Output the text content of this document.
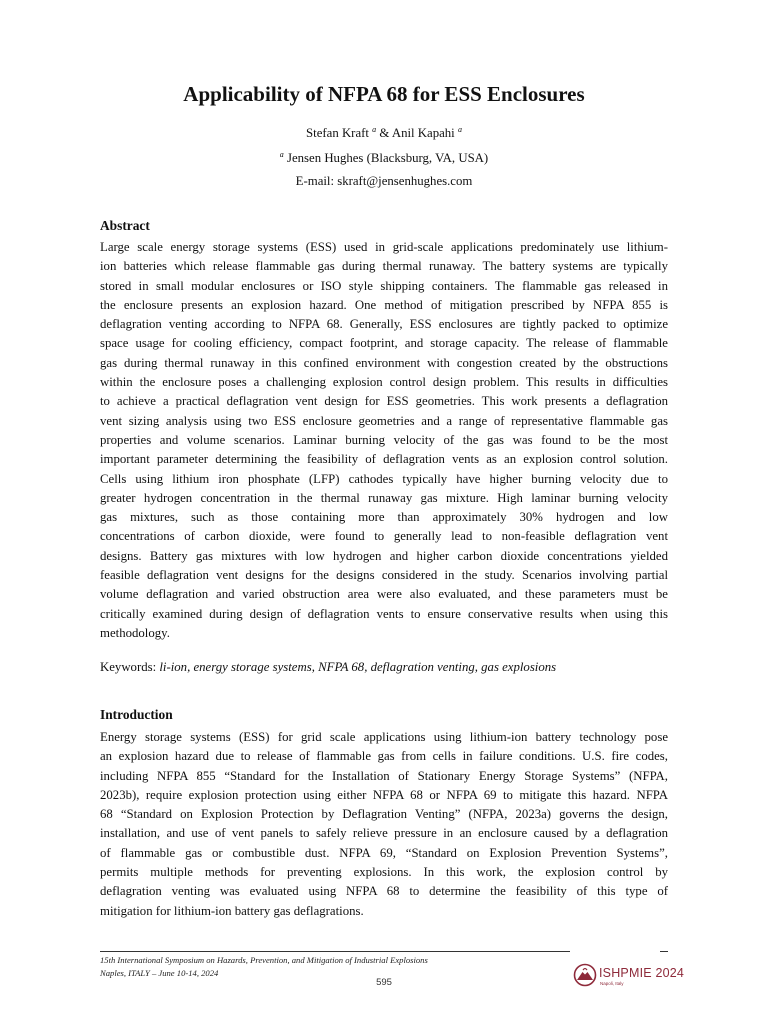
Applicability of NFPA 68 for ESS Enclosures
Stefan Kraft $^a$ & Anil Kapahi $^a$
$^a$ Jensen Hughes (Blacksburg, VA, USA)
E-mail: skraft@jensenhughes.com
Abstract
Large scale energy storage systems (ESS) used in grid-scale applications predominately use lithium-
ion batteries which release flammable gas during thermal runaway. The battery systems are typically
stored in small modular enclosures or ISO style shipping containers. The flammable gas released in
the enclosure presents an explosion hazard. One method of mitigation prescribed by NFPA 855 is
deflagration venting according to NFPA 68. Generally, ESS enclosures are tightly packed to optimize
space usage for cooling efficiency, compact footprint, and storage capacity. The release of flammable
gas during thermal runaway in this confined environment with congestion created by the obstructions
within the enclosure poses a challenging explosion control design problem. This results in difficulties
to achieve a practical deflagration vent design for ESS geometries. This work presents a deflagration
vent sizing analysis using two ESS enclosure geometries and a range of representative flammable gas
properties and volume scenarios. Laminar burning velocity of the gas was found to be the most
important parameter determining the feasibility of deflagration vents as an explosion control solution.
Cells using lithium iron phosphate (LFP) cathodes typically have higher burning velocity due to
greater hydrogen concentration in the thermal runaway gas mixture. High laminar burning velocity
gas mixtures, such as those containing more than approximately 30% hydrogen and low
concentrations of carbon dioxide, were found to generally lead to non-feasible deflagration vent
designs. Battery gas mixtures with low hydrogen and higher carbon dioxide concentrations yielded
feasible deflagration vent designs for the designs considered in the study. Scenarios involving partial
volume deflagration and varied obstruction area were also evaluated, and these parameters must be
critically examined during design of deflagration vents to ensure conservative results when using this
methodology.

Keywords: li-ion, energy storage systems, NFPA 68, deflagration venting, gas explosions

Introduction
Energy storage systems (ESS) for grid scale applications using lithium-ion battery technology pose
an explosion hazard due to release of flammable gas from cells in failure conditions. U.S. fire codes,
including NFPA 855 “Standard for the Installation of Stationary Energy Storage Systems” (NFPA,
2023b), require explosion protection using either NFPA 68 or NFPA 69 to mitigate this hazard. NFPA
68 “Standard on Explosion Protection by Deflagration Venting” (NFPA, 2023a) governs the design,
installation, and use of vent panels to safely relieve pressure in an enclosure caused by a deflagration
of flammable gas or combustible dust. NFPA 69, “Standard on Explosion Prevention Systems”,
permits multiple methods for preventing explosions. In this work, the explosion control by
deflagration venting was evaluated using NFPA 68 to determine the feasibility of this type of
mitigation for lithium-ion battery gas deflagrations.
15th International Symposium on Hazards, Prevention, and Mitigation of Industrial Explosions
Naples, ITALY – June 10-14, 2024
595
ISHPMIE 2024
Napoli, Italy
